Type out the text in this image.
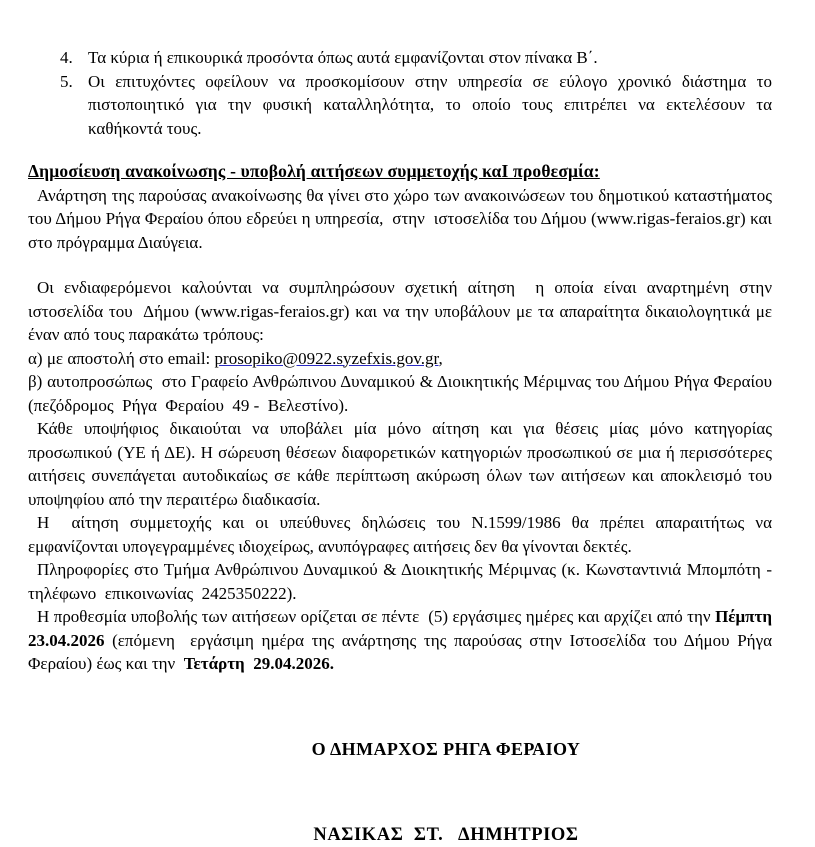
4. Τα κύρια ή επικουρικά προσόντα όπως αυτά εμφανίζονται στον πίνακα Β΄.
5. Οι επιτυχόντες οφείλουν να προσκομίσουν στην υπηρεσία σε εύλογο χρονικό διάστημα το πιστοποιητικό για την φυσική καταλληλότητα, το οποίο τους επιτρέπει να εκτελέσουν τα καθήκοντά τους.
Δημοσίευση ανακοίνωσης - υποβολή αιτήσεων συμμετοχής καI προθεσμία:

Ανάρτηση της παρούσας ανακοίνωσης θα γίνει στο χώρο των ανακοινώσεων του δημοτικού καταστήματος του Δήμου Ρήγα Φεραίου όπου εδρεύει η υπηρεσία,  στην  ιστοσελίδα του Δήμου (www.rigas-feraios.gr) και στο πρόγραμμα Διαύγεια.

Οι ενδιαφερόμενοι καλούνται να συμπληρώσουν σχετική αίτηση  η οποία είναι αναρτημένη στην ιστοσελίδα του  Δήμου (www.rigas-feraios.gr) και να την υποβάλουν με τα απαραίτητα δικαιολογητικά με έναν από τους παρακάτω τρόπους:

α) με αποστολή στο email: prosopiko@0922.syzefxis.gov.gr,

β) αυτοπροσώπως  στο Γραφείο Ανθρώπινου Δυναμικού & Διοικητικής Μέριμνας του Δήμου Ρήγα Φεραίου  (πεζόδρομος  Ρήγα  Φεραίου  49 -  Βελεστίνο).

Κάθε υποψήφιος δικαιούται να υποβάλει μία μόνο αίτηση και για θέσεις μίας μόνο κατηγορίας προσωπικού (ΥΕ ή ΔΕ). Η σώρευση θέσεων διαφορετικών κατηγοριών προσωπικού σε μια ή περισσότερες αιτήσεις συνεπάγεται αυτοδικαίως σε κάθε περίπτωση ακύρωση όλων των αιτήσεων και αποκλεισμό του υποψηφίου από την περαιτέρω διαδικασία.

Η  αίτηση συμμετοχής και οι υπεύθυνες δηλώσεις του Ν.1599/1986 θα πρέπει απαραιτήτως να εμφανίζονται υπογεγραμμένες ιδιοχείρως, ανυπόγραφες αιτήσεις δεν θα γίνονται δεκτές.

Πληροφορίες στο Τμήμα Ανθρώπινου Δυναμικού & Διοικητικής Μέριμνας (κ. Κωνσταντινιά Μπομπότη - τηλέφωνο  επικοινωνίας  2425350222).

Η προθεσμία υποβολής των αιτήσεων ορίζεται σε πέντε  (5) εργάσιμες ημέρες και αρχίζει από την Πέμπτη   23.04.2026 (επόμενη  εργάσιμη ημέρα της ανάρτησης της παρούσας στην Ιστοσελίδα του Δήμου Ρήγα Φεραίου) έως και την  Τετάρτη  29.04.2026.

Ο ΔΗΜΑΡΧΟΣ ΡΗΓΑ ΦΕΡΑΙΟΥ
ΝΑΣΙΚΑΣ  ΣΤ.   ΔΗΜΗΤΡΙΟΣ
